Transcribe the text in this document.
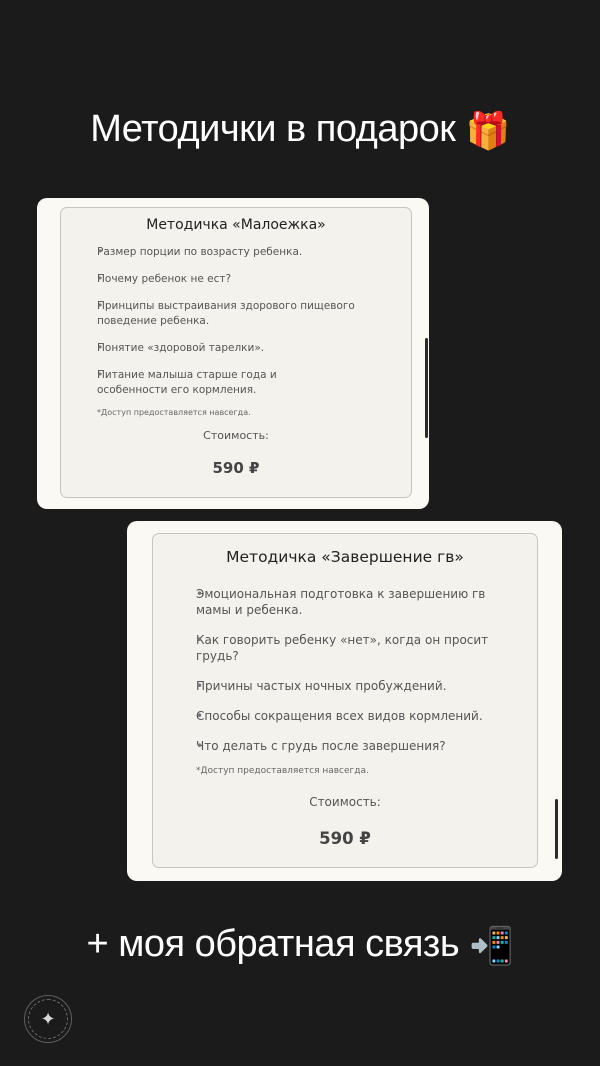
Методички в подарок 🎁
Методичка «Малоежка»
• Размер порции по возрасту ребенка.
• Почему ребенок не ест?
• Принципы выстраивания здорового пищевого поведение ребенка.
• Понятие «здоровой тарелки».
• Питание малыша старше года и особенности его кормления.
*Доступ предоставляется навсегда.
Стоимость:
590 ₽
Методичка «Завершение гв»
• Эмоциональная подготовка к завершению гв мамы и ребенка.
• Как говорить ребенку «нет», когда он просит грудь?
• Причины частых ночных пробуждений.
• Способы сокращения всех видов кормлений.
• Что делать с грудь после завершения?
*Доступ предоставляется навсегда.
Стоимость:
590 ₽
+ моя обратная связь 📲
✦
